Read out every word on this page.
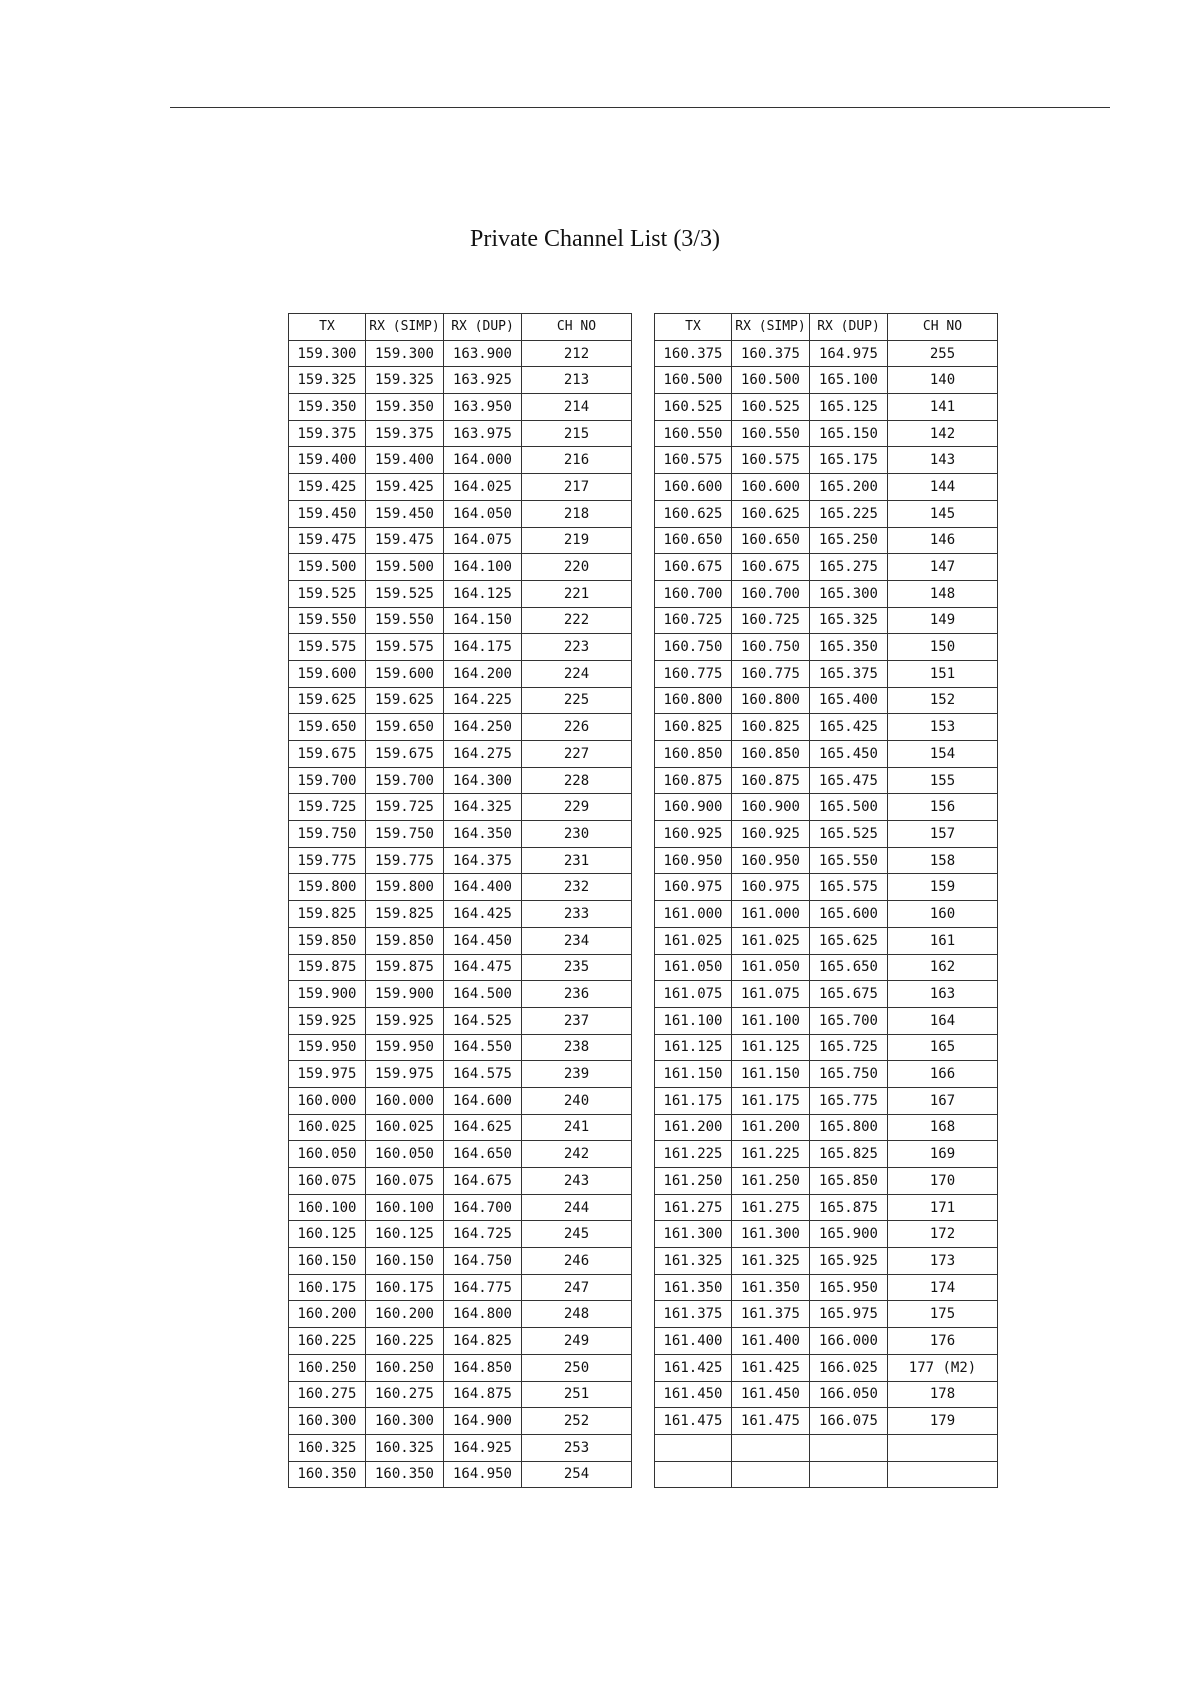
Private Channel List (3/3)
TX	RX (SIMP)	RX (DUP)	CH NO
159.300	159.300	163.900	212
159.325	159.325	163.925	213
159.350	159.350	163.950	214
159.375	159.375	163.975	215
159.400	159.400	164.000	216
159.425	159.425	164.025	217
159.450	159.450	164.050	218
159.475	159.475	164.075	219
159.500	159.500	164.100	220
159.525	159.525	164.125	221
159.550	159.550	164.150	222
159.575	159.575	164.175	223
159.600	159.600	164.200	224
159.625	159.625	164.225	225
159.650	159.650	164.250	226
159.675	159.675	164.275	227
159.700	159.700	164.300	228
159.725	159.725	164.325	229
159.750	159.750	164.350	230
159.775	159.775	164.375	231
159.800	159.800	164.400	232
159.825	159.825	164.425	233
159.850	159.850	164.450	234
159.875	159.875	164.475	235
159.900	159.900	164.500	236
159.925	159.925	164.525	237
159.950	159.950	164.550	238
159.975	159.975	164.575	239
160.000	160.000	164.600	240
160.025	160.025	164.625	241
160.050	160.050	164.650	242
160.075	160.075	164.675	243
160.100	160.100	164.700	244
160.125	160.125	164.725	245
160.150	160.150	164.750	246
160.175	160.175	164.775	247
160.200	160.200	164.800	248
160.225	160.225	164.825	249
160.250	160.250	164.850	250
160.275	160.275	164.875	251
160.300	160.300	164.900	252
160.325	160.325	164.925	253
160.350	160.350	164.950	254
TX	RX (SIMP)	RX (DUP)	CH NO
160.375	160.375	164.975	255
160.500	160.500	165.100	140
160.525	160.525	165.125	141
160.550	160.550	165.150	142
160.575	160.575	165.175	143
160.600	160.600	165.200	144
160.625	160.625	165.225	145
160.650	160.650	165.250	146
160.675	160.675	165.275	147
160.700	160.700	165.300	148
160.725	160.725	165.325	149
160.750	160.750	165.350	150
160.775	160.775	165.375	151
160.800	160.800	165.400	152
160.825	160.825	165.425	153
160.850	160.850	165.450	154
160.875	160.875	165.475	155
160.900	160.900	165.500	156
160.925	160.925	165.525	157
160.950	160.950	165.550	158
160.975	160.975	165.575	159
161.000	161.000	165.600	160
161.025	161.025	165.625	161
161.050	161.050	165.650	162
161.075	161.075	165.675	163
161.100	161.100	165.700	164
161.125	161.125	165.725	165
161.150	161.150	165.750	166
161.175	161.175	165.775	167
161.200	161.200	165.800	168
161.225	161.225	165.825	169
161.250	161.250	165.850	170
161.275	161.275	165.875	171
161.300	161.300	165.900	172
161.325	161.325	165.925	173
161.350	161.350	165.950	174
161.375	161.375	165.975	175
161.400	161.400	166.000	176
161.425	161.425	166.025	177 (M2)
161.450	161.450	166.050	178
161.475	161.475	166.075	179
